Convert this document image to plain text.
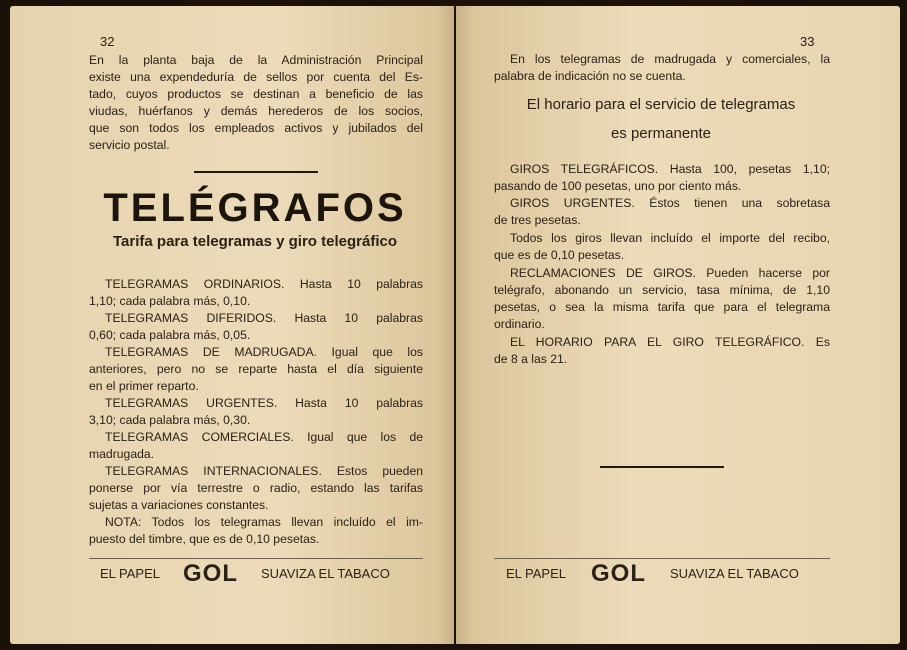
32
En la planta baja de la Administración Principal
existe una expendeduría de sellos por cuenta del Es-
tado, cuyos productos se destinan a beneficio de las
viudas, huérfanos y demás herederos de los socios,
que son todos los empleados activos y jubilados del
servicio postal.
TELÉGRAFOS
Tarifa para telegramas y giro telegráfico
TELEGRAMAS ORDINARIOS. Hasta 10 palabras
1,10; cada palabra más, 0,10.
TELEGRAMAS DIFERIDOS. Hasta 10 palabras
0,60; cada palabra más, 0,05.
TELEGRAMAS DE MADRUGADA. Igual que los
anteriores, pero no se reparte hasta el día siguiente
en el primer reparto.
TELEGRAMAS URGENTES. Hasta 10 palabras
3,10; cada palabra más, 0,30.
TELEGRAMAS COMERCIALES. Igual que los de
madrugada.
TELEGRAMAS INTERNACIONALES. Estos pueden
ponerse por vía terrestre o radio, estando las tarifas
sujetas a variaciones constantes.
NOTA: Todos los telegramas llevan incluído el im-
puesto del timbre, que es de 0,10 pesetas.
EL PAPEL GOL SUAVIZA EL TABACO
33
En los telegramas de madrugada y comerciales, la
palabra de indicación no se cuenta.
El horario para el servicio de telegramas
es permanente
GIROS TELEGRÁFICOS. Hasta 100, pesetas 1,10;
pasando de 100 pesetas, uno por ciento más.
GIROS URGENTES. Éstos tienen una sobretasa
de tres pesetas.
Todos los giros llevan incluído el importe del recibo,
que es de 0,10 pesetas.
RECLAMACIONES DE GIROS. Pueden hacerse por
telégrafo, abonando un servicio, tasa mínima, de 1,10
pesetas, o sea la misma tarifa que para el telegrama
ordinario.
EL HORARIO PARA EL GIRO TELEGRÁFICO. Es
de 8 a las 21.
EL PAPEL GOL SUAVIZA EL TABACO
